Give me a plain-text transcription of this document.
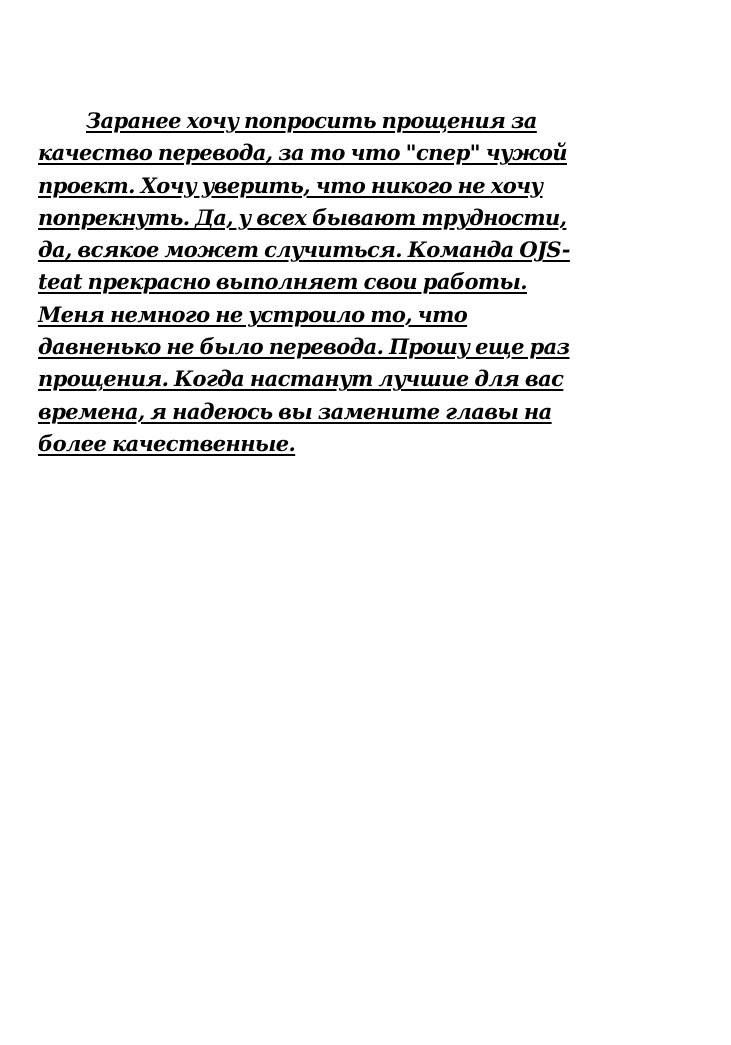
Заранее хочу попросить прощения за
качество перевода, за то что "спер" чужой
проект. Хочу уверить, что никого не хочу
попрекнуть. Да, у всех бывают трудности,
да, всякое может случиться. Команда OJS-
teat прекрасно выполняет свои работы.
Меня немного не устроило то, что
давненько не было перевода. Прошу еще раз
прощения. Когда настанут лучшие для вас
времена, я надеюсь вы замените главы на
более качественные.
